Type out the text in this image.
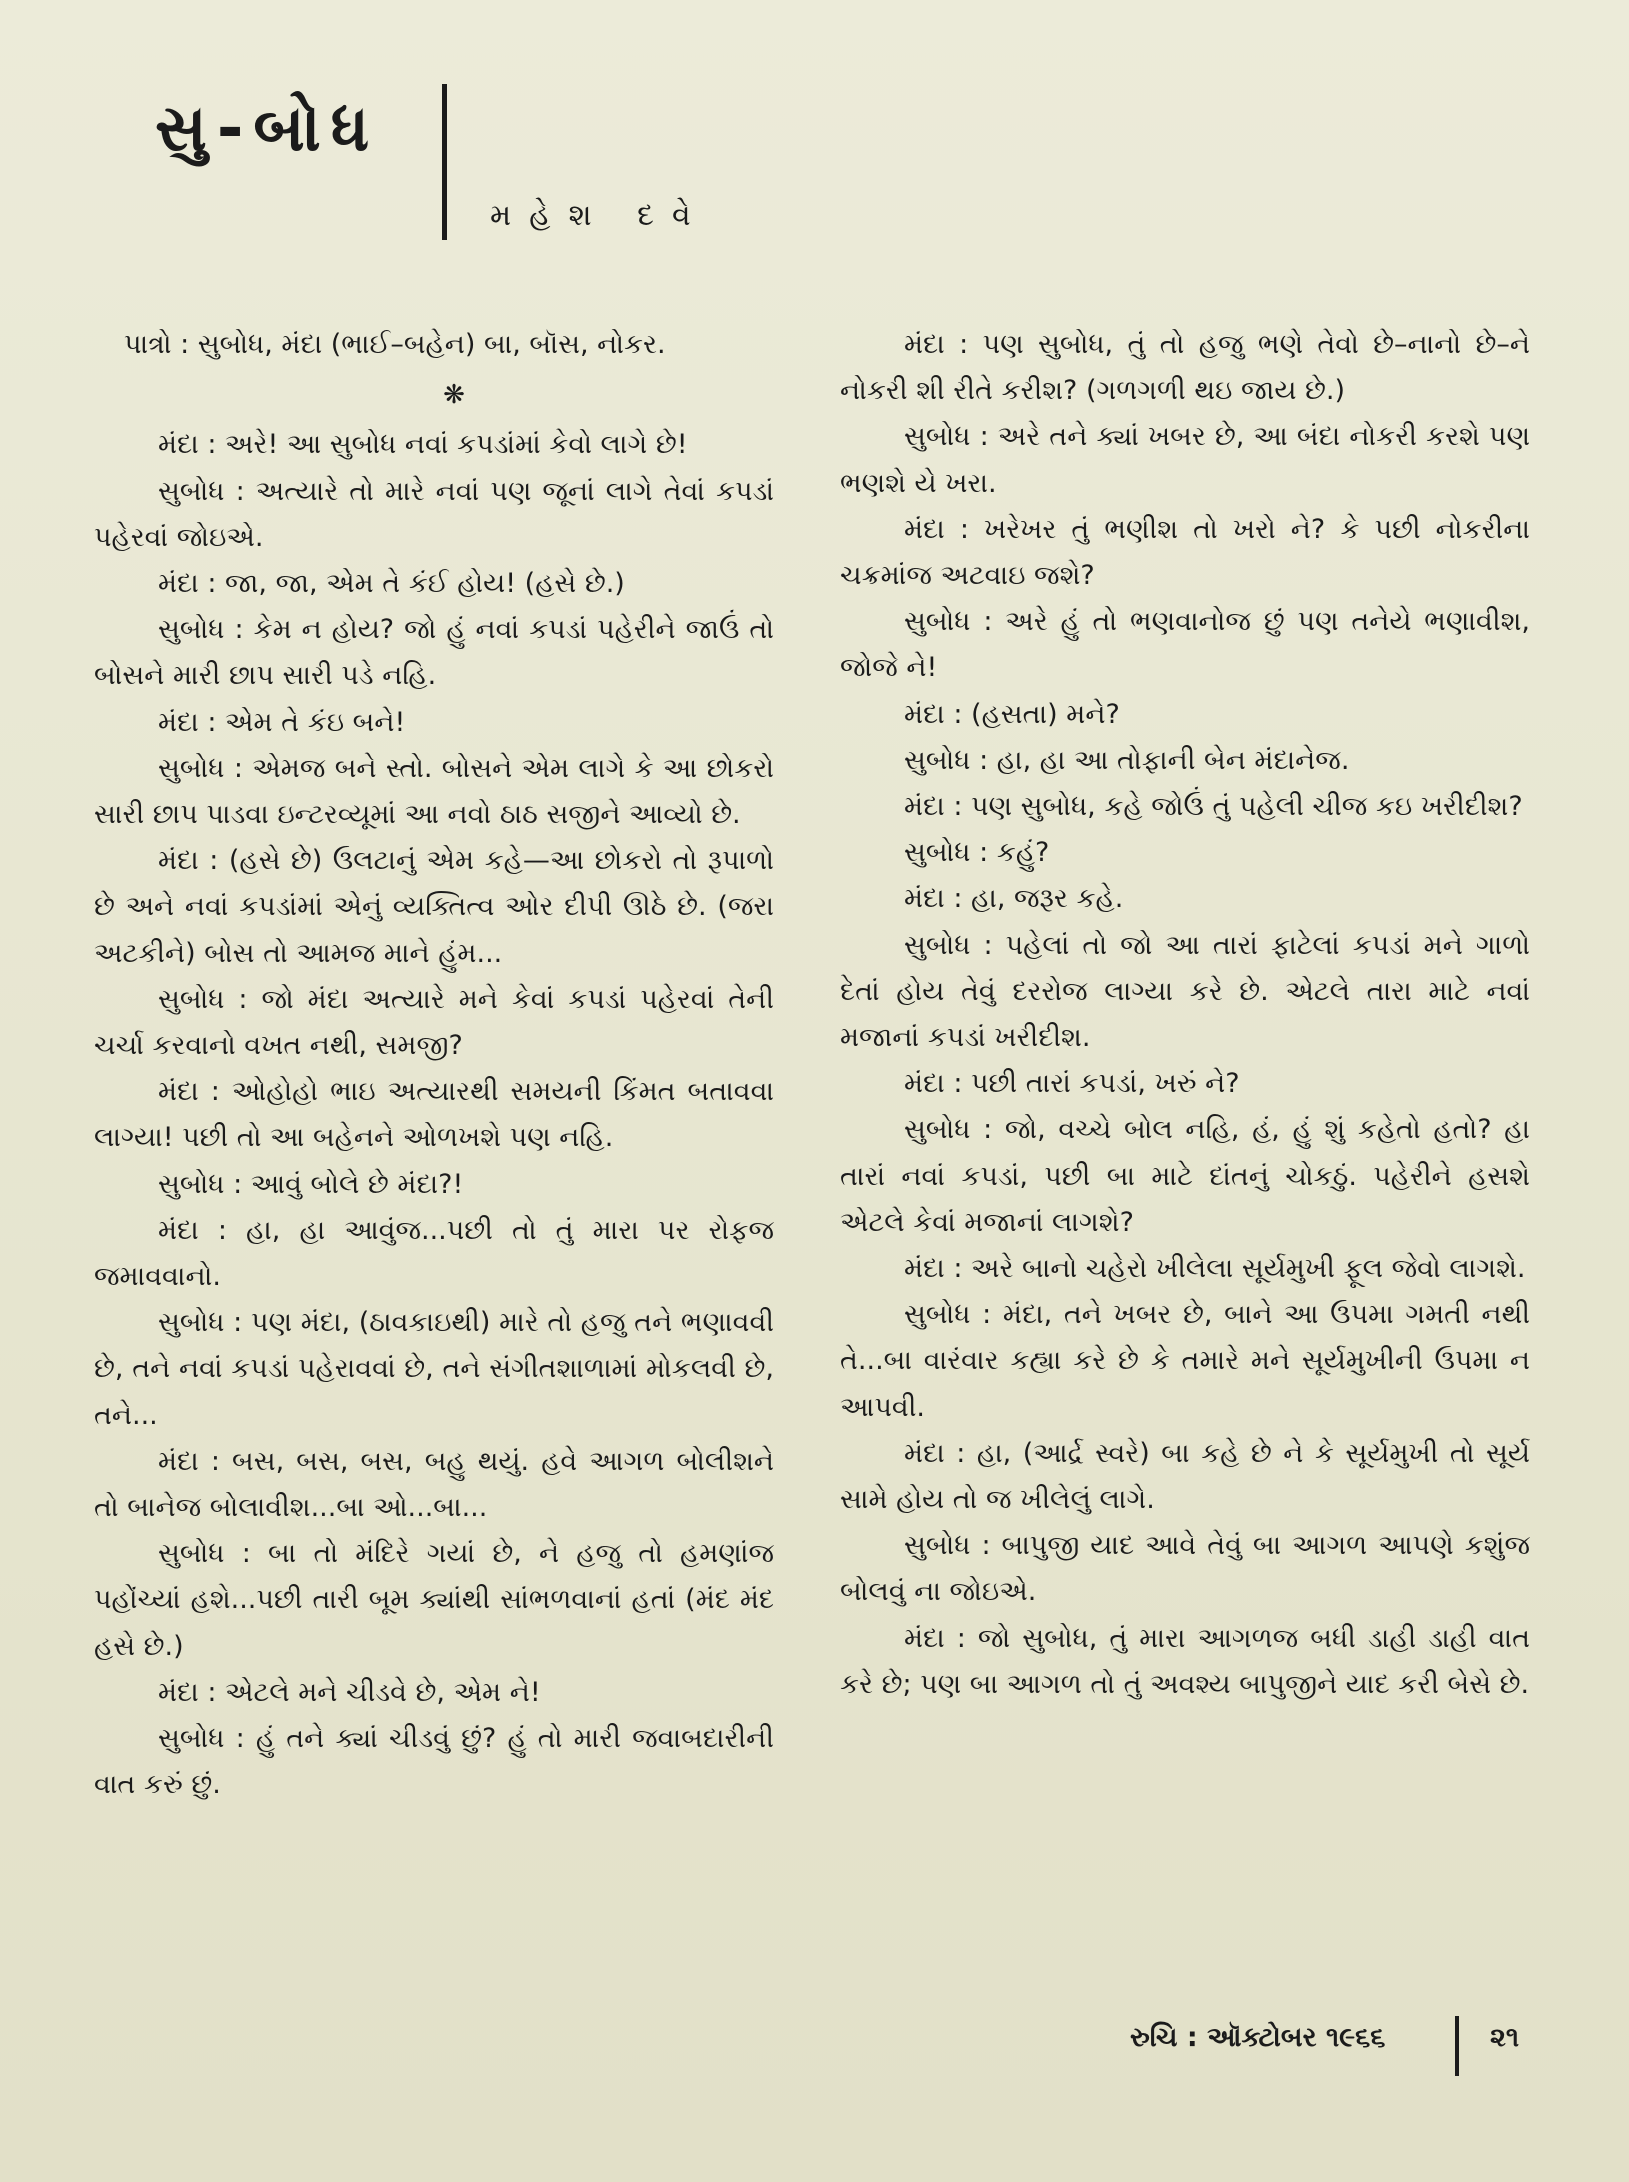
સુ-બોધ
મહેશ દવે

પાત્રો : સુબોધ, મંદા (ભાઈ–બહેન) બા, બૉસ, નોકર.

❋

મંદા : અરે! આ સુબોધ નવાં કપડાંમાં કેવો લાગે છે!

સુબોધ : અત્યારે તો મારે નવાં પણ જૂનાં લાગે તેવાં કપડાં પહેરવાં જોઇએ.

મંદા : જા, જા, એમ તે કંઈ હોય! (હસે છે.)

સુબોધ : કેમ ન હોય? જો હું નવાં કપડાં પહેરીને જાઉં તો બોસને મારી છાપ સારી પડે નહિ.

મંદા : એમ તે કંઇ બને!

સુબોધ : એમજ બને સ્તો. બોસને એમ લાગે કે આ છોકરો સારી છાપ પાડવા ઇન્ટરવ્યૂમાં આ નવો ઠાઠ સજીને આવ્યો છે.

મંદા : (હસે છે) ઉલટાનું એમ કહે—આ છોકરો તો રૂપાળો છે અને નવાં કપડાંમાં એનું વ્યક્તિત્વ ઓર દીપી ઊઠે છે. (જરા અટકીને) બોસ તો આમજ માને હુંમ...

સુબોધ : જો મંદા અત્યારે મને કેવાં કપડાં પહેરવાં તેની ચર્ચા કરવાનો વખત નથી, સમજી?

મંદા : ઓહોહો ભાઇ અત્યારથી સમયની કિંમત બતાવવા લાગ્યા! પછી તો આ બહેનને ઓળખશે પણ નહિ.

સુબોધ : આવું બોલે છે મંદા?!

મંદા : હા, હા આવુંજ...પછી તો તું મારા પર રોફજ જમાવવાનો.

સુબોધ : પણ મંદા, (ઠાવકાઇથી) મારે તો હજુ તને ભણાવવી છે, તને નવાં કપડાં પહેરાવવાં છે, તને સંગીતશાળામાં મોકલવી છે, તને...

મંદા : બસ, બસ, બસ, બહુ થયું. હવે આગળ બોલીશને તો બાનેજ બોલાવીશ...બા ઓ...બા...

સુબોધ : બા તો મંદિરે ગયાં છે, ને હજુ તો હમણાંજ પહોંચ્યાં હશે...પછી તારી બૂમ ક્યાંથી સાંભળવાનાં હતાં (મંદ મંદ હસે છે.)

મંદા : એટલે મને ચીડવે છે, એમ ને!

સુબોધ : હું તને ક્યાં ચીડવું છું? હું તો મારી જવાબદારીની વાત કરું છું.

મંદા : પણ સુબોધ, તું તો હજુ ભણે તેવો છે–નાનો છે–ને નોકરી શી રીતે કરીશ? (ગળગળી થઇ જાય છે.)

સુબોધ : અરે તને ક્યાં ખબર છે, આ બંદા નોકરી કરશે પણ ભણશે યે ખરા.

મંદા : ખરેખર તું ભણીશ તો ખરો ને? કે પછી નોકરીના ચક્રમાંજ અટવાઇ જશે?

સુબોધ : અરે હું તો ભણવાનોજ છું પણ તનેયે ભણાવીશ, જોજે ને!

મંદા : (હસતા) મને?

સુબોધ : હા, હા આ તોફાની બેન મંદાનેજ.

મંદા : પણ સુબોધ, કહે જોઉં તું પહેલી ચીજ કઇ ખરીદીશ?

સુબોધ : કહું?

મંદા : હા, જરૂર કહે.

સુબોધ : પહેલાં તો જો આ તારાં ફાટેલાં કપડાં મને ગાળો દેતાં હોય તેવું દરરોજ લાગ્યા કરે છે. એટલે તારા માટે નવાં મજાનાં કપડાં ખરીદીશ.

મંદા : પછી તારાં કપડાં, ખરું ને?

સુબોધ : જો, વચ્ચે બોલ નહિ, હં, હું શું કહેતો હતો? હા તારાં નવાં કપડાં, પછી બા માટે દાંતનું ચોકઠું. પહેરીને હસશે એટલે કેવાં મજાનાં લાગશે?

મંદા : અરે બાનો ચહેરો ખીલેલા સૂર્યમુખી ફૂલ જેવો લાગશે.

સુબોધ : મંદા, તને ખબર છે, બાને આ ઉપમા ગમતી નથી તે...બા વારંવાર કહ્યા કરે છે કે તમારે મને સૂર્યમુખીની ઉપમા ન આપવી.

મંદા : હા, (આર્દ્ર સ્વરે) બા કહે છે ને કે સૂર્યમુખી તો સૂર્ય સામે હોય તો જ ખીલેલું લાગે.

સુબોધ : બાપુજી યાદ આવે તેવું બા આગળ આપણે કશુંજ બોલવું ના જોઇએ.

મંદા : જો સુબોધ, તું મારા આગળજ બધી ડાહી ડાહી વાત કરે છે; પણ બા આગળ તો તું અવશ્ય બાપુજીને યાદ કરી બેસે છે.

રુચિ : ઑક્ટોબર ૧૯૬૬	૨૧
